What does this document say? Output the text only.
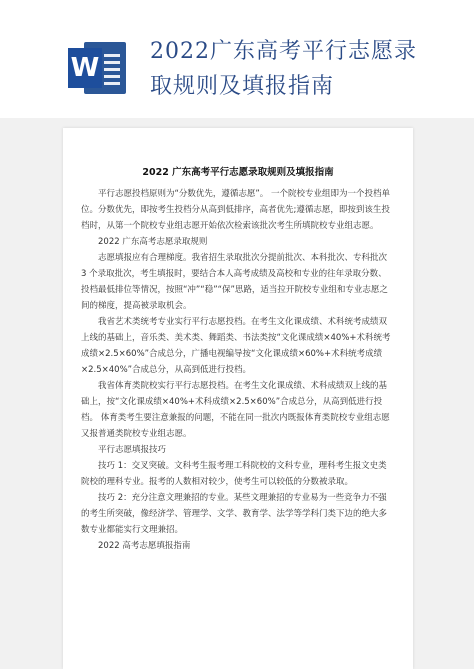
W
2022广东高考平行志愿录
取规则及填报指南
2022 广东高考平行志愿录取规则及填报指南

　　平行志愿投档原则为“分数优先，遵循志愿”。 一个院校专业组即为一个投档单位。分数优先，即按考生投档分从高到低排序，高者优先;遵循志愿，即按到该生投档时，从第一个院校专业组志愿开始依次检索该批次考生所填院校专业组志愿。

　　2022 广东高考志愿录取规则

　　志愿填报应有合理梯度。我省招生录取批次分提前批次、本科批次、专科批次 3 个录取批次，考生填报时，要结合本人高考成绩及高校和专业的往年录取分数、投档最低排位等情况，按照“冲”“稳”“保”思路，适当拉开院校专业组和专业志愿之间的梯度，提高被录取机会。

　　我省艺术类统考专业实行平行志愿投档。在考生文化课成绩、术科统考成绩双上线的基础上，音乐类、美术类、舞蹈类、书法类按“文化课成绩×40%+术科统考成绩×2.5×60%”合成总分，广播电视编导按“文化课成绩×60%+术科统考成绩×2.5×40%”合成总分，从高到低进行投档。

　　我省体育类院校实行平行志愿投档。在考生文化课成绩、术科成绩双上线的基础上，按“文化课成绩×40%+术科成绩×2.5×60%”合成总分，从高到低进行投档。 体育类考生要注意兼报的问题，不能在同一批次内既报体育类院校专业组志愿又报普通类院校专业组志愿。

　　平行志愿填报技巧

　　技巧 1：交叉突破。文科考生报考理工科院校的文科专业，理科考生报文史类院校的理科专业。报考的人数相对较少，使考生可以较低的分数被录取。

　　技巧 2：充分注意文理兼招的专业。某些文理兼招的专业易为一些竞争力不强的考生所突破，像经济学、管理学、文学、教育学、法学等学科门类下边的绝大多数专业都能实行文理兼招。

　　2022 高考志愿填报指南
